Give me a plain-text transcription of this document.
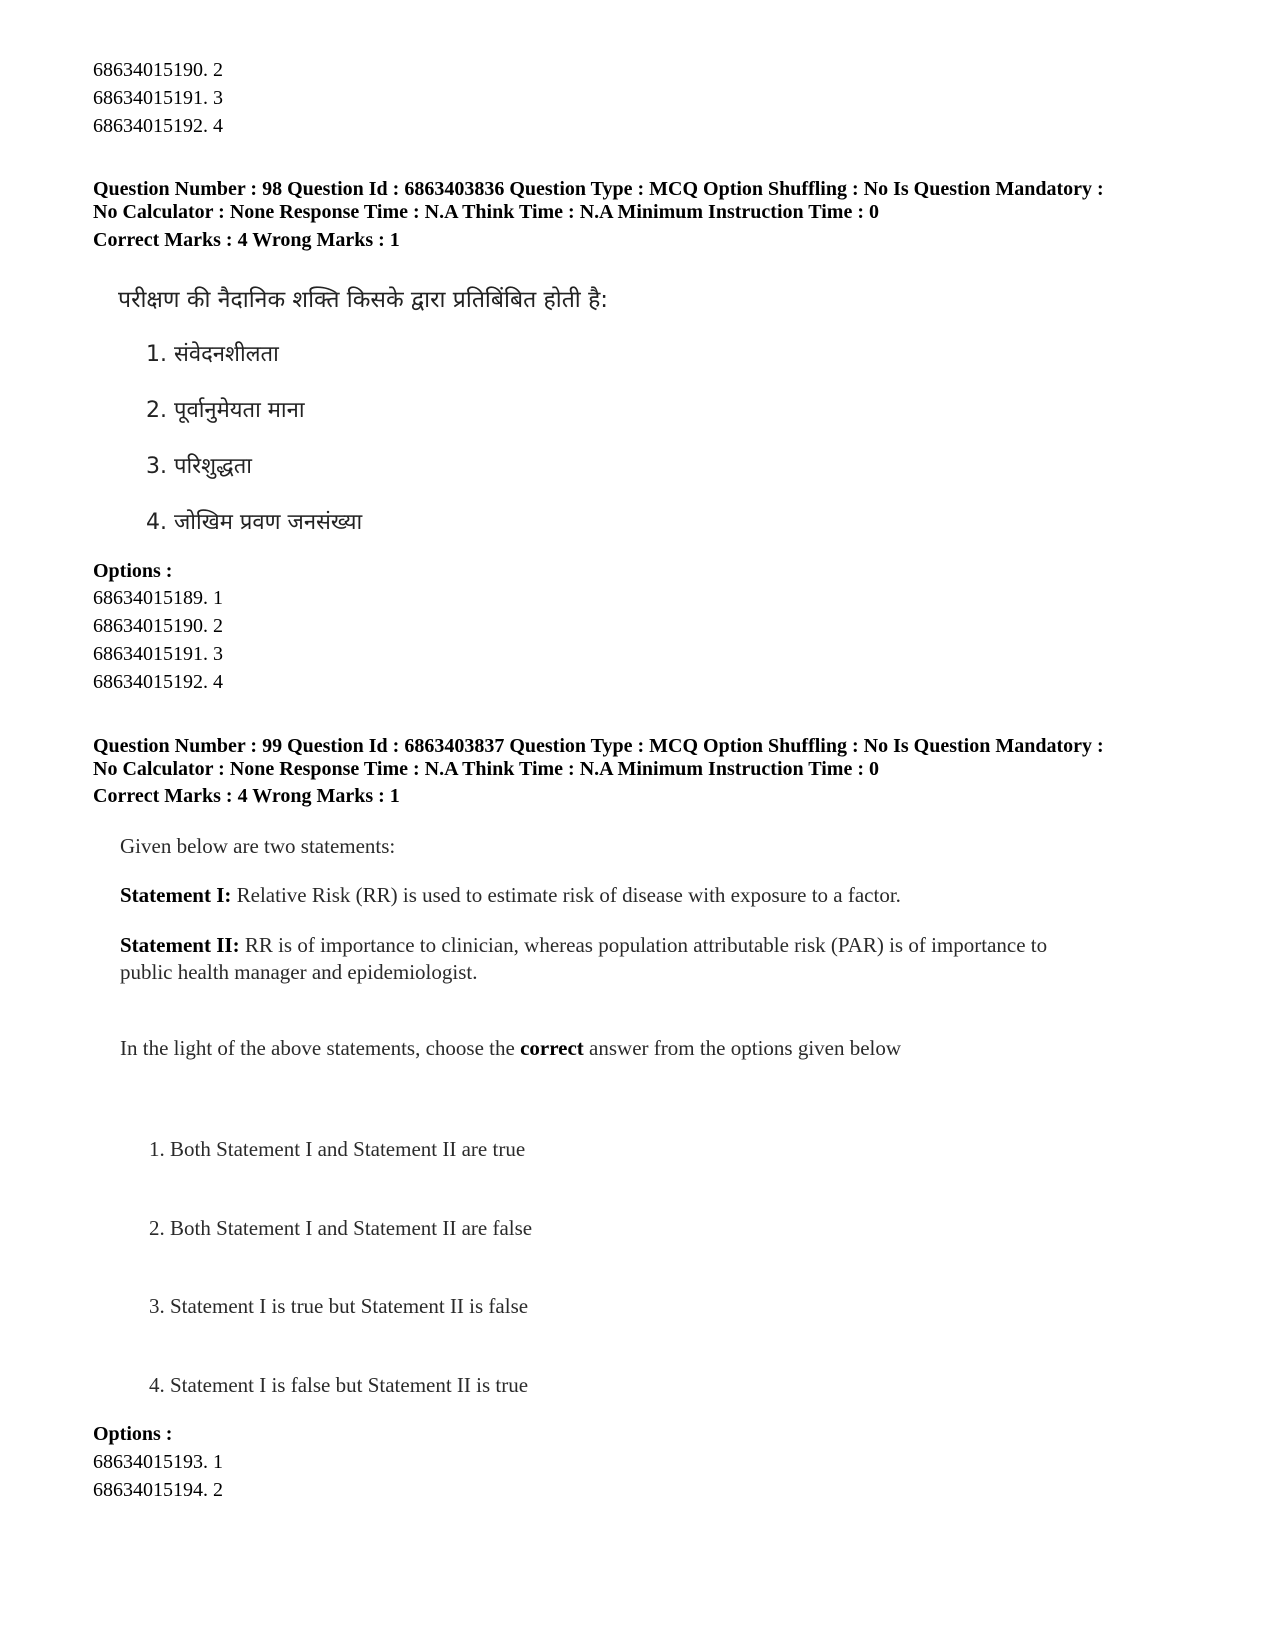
68634015190. 2
68634015191. 3
68634015192. 4
Question Number : 98 Question Id : 6863403836 Question Type : MCQ Option Shuffling : No Is Question Mandatory :
No Calculator : None Response Time : N.A Think Time : N.A Minimum Instruction Time : 0
Correct Marks : 4 Wrong Marks : 1
परीक्षण की नैदानिक शक्ति किसके द्वारा प्रतिबिंबित होती है:
1. संवेदनशीलता
2. पूर्वानुमेयता माना
3. परिशुद्धता
4. जोखिम प्रवण जनसंख्या
Options :
68634015189. 1
68634015190. 2
68634015191. 3
68634015192. 4
Question Number : 99 Question Id : 6863403837 Question Type : MCQ Option Shuffling : No Is Question Mandatory :
No Calculator : None Response Time : N.A Think Time : N.A Minimum Instruction Time : 0
Correct Marks : 4 Wrong Marks : 1
Given below are two statements:
Statement I: Relative Risk (RR) is used to estimate risk of disease with exposure to a factor.
Statement II: RR is of importance to clinician, whereas population attributable risk (PAR) is of importance to
public health manager and epidemiologist.
In the light of the above statements, choose the correct answer from the options given below
1. Both Statement I and Statement II are true
2. Both Statement I and Statement II are false
3. Statement I is true but Statement II is false
4. Statement I is false but Statement II is true
Options :
68634015193. 1
68634015194. 2
